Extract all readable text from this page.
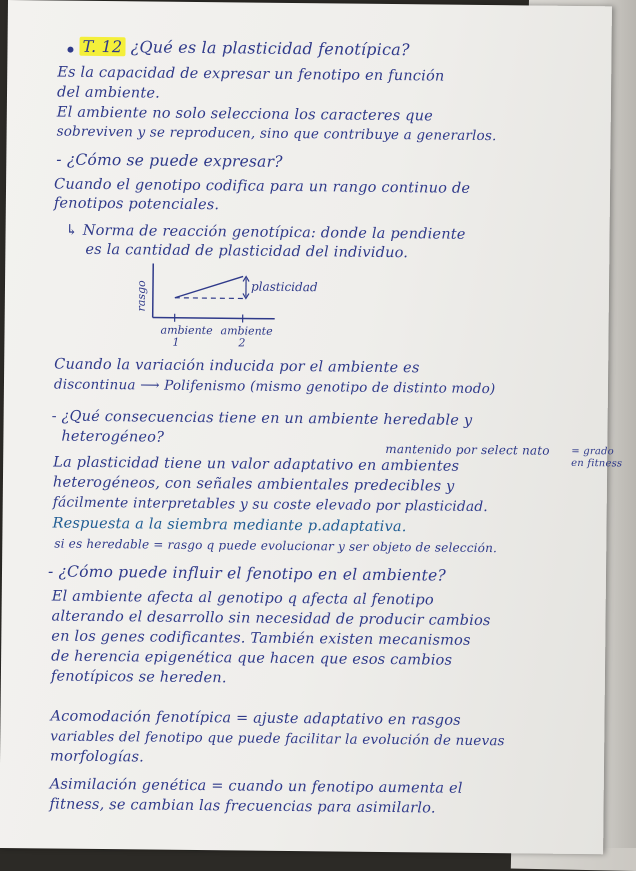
T. 12 ¿Qué es la plasticidad fenotípica?
Es la capacidad de expresar un fenotipo en función
del ambiente.
El ambiente no solo selecciona los caracteres que
sobreviven y se reproducen, sino que contribuye a generarlos.
- ¿Cómo se puede expresar?
Cuando el genotipo codifica para un rango continuo de
fenotipos potenciales.
↳ Norma de reacción genotípica: donde la pendiente
es la cantidad de plasticidad del individuo.
rasgo	plasticidad
ambiente
1
ambiente
2
Cuando la variación inducida por el ambiente es
discontinua ⟶ Polifenismo (mismo genotipo de distinto modo)
- ¿Qué consecuencias tiene en un ambiente heredable y
heterogéneo?
mantenido por select nato = grado
en fitness
La plasticidad tiene un valor adaptativo en ambientes
heterogéneos, con señales ambientales predecibles y
fácilmente interpretables y su coste elevado por plasticidad.
Respuesta a la siembra mediante p.adaptativa.
si es heredable = rasgo q puede evolucionar y ser objeto de selección.
- ¿Cómo puede influir el fenotipo en el ambiente?
El ambiente afecta al genotipo q afecta al fenotipo
alterando el desarrollo sin necesidad de producir cambios
en los genes codificantes. También existen mecanismos
de herencia epigenética que hacen que esos cambios
fenotípicos se hereden.
Acomodación fenotípica = ajuste adaptativo en rasgos
variables del fenotipo que puede facilitar la evolución de nuevas
morfologías.
Asimilación genética = cuando un fenotipo aumenta el
fitness, se cambian las frecuencias para asimilarlo.
